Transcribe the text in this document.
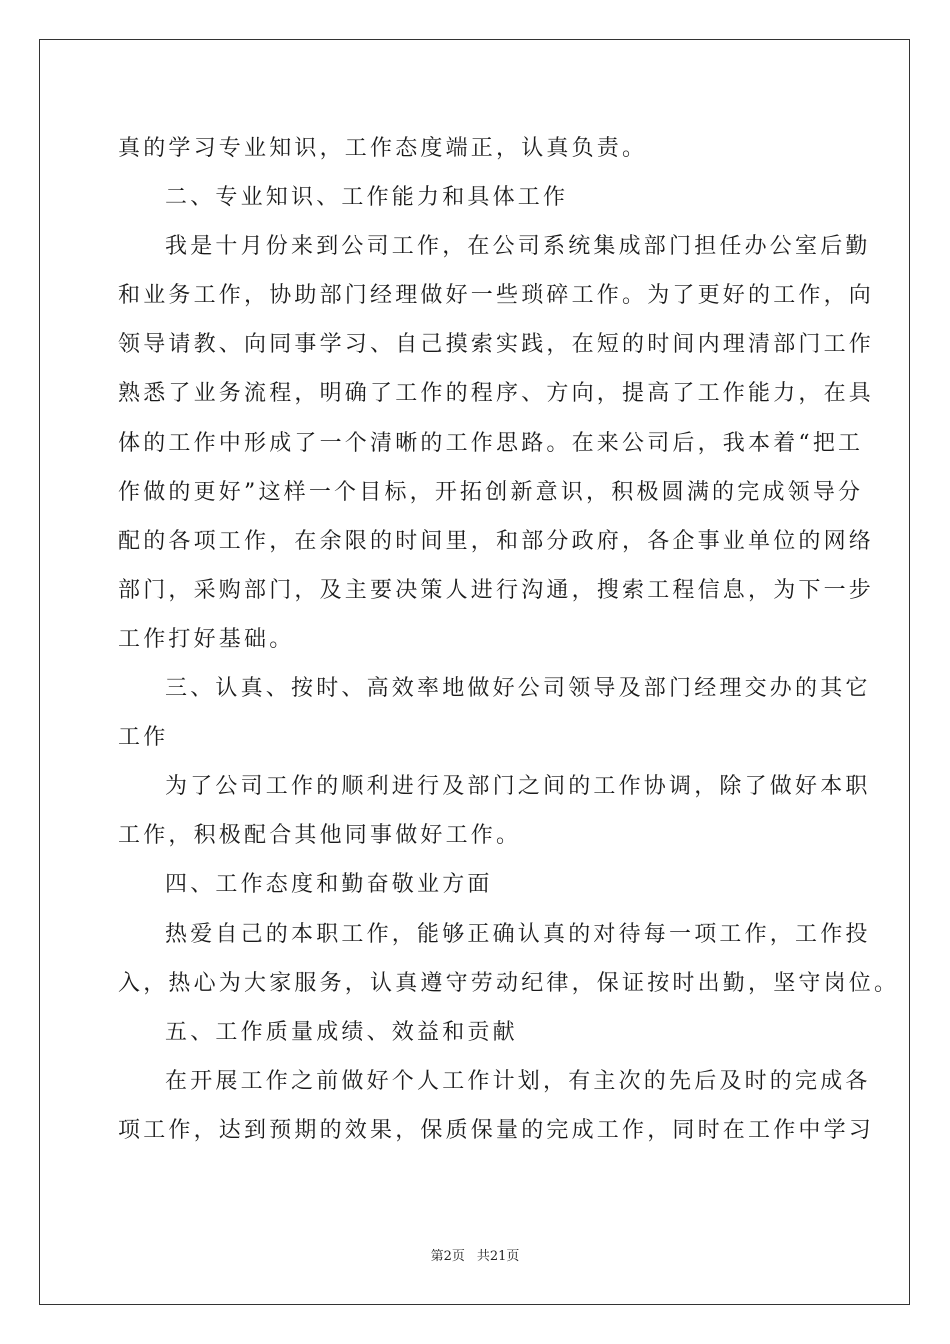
真的学习专业知识，工作态度端正，认真负责。
二、专业知识、工作能力和具体工作
我是十月份来到公司工作，在公司系统集成部门担任办公室后勤
和业务工作，协助部门经理做好一些琐碎工作。为了更好的工作，向
领导请教、向同事学习、自己摸索实践，在短的时间内理清部门工作
熟悉了业务流程，明确了工作的程序、方向，提高了工作能力，在具
体的工作中形成了一个清晰的工作思路。在来公司后，我本着“把工
作做的更好”这样一个目标，开拓创新意识，积极圆满的完成领导分
配的各项工作，在余限的时间里，和部分政府，各企事业单位的网络
部门，采购部门，及主要决策人进行沟通，搜索工程信息，为下一步
工作打好基础。
三、认真、按时、高效率地做好公司领导及部门经理交办的其它
工作
为了公司工作的顺利进行及部门之间的工作协调，除了做好本职
工作，积极配合其他同事做好工作。
四、工作态度和勤奋敬业方面
热爱自己的本职工作，能够正确认真的对待每一项工作，工作投
入，热心为大家服务，认真遵守劳动纪律，保证按时出勤，坚守岗位。
五、工作质量成绩、效益和贡献
在开展工作之前做好个人工作计划，有主次的先后及时的完成各
项工作，达到预期的效果，保质保量的完成工作，同时在工作中学习
第2页 共21页
